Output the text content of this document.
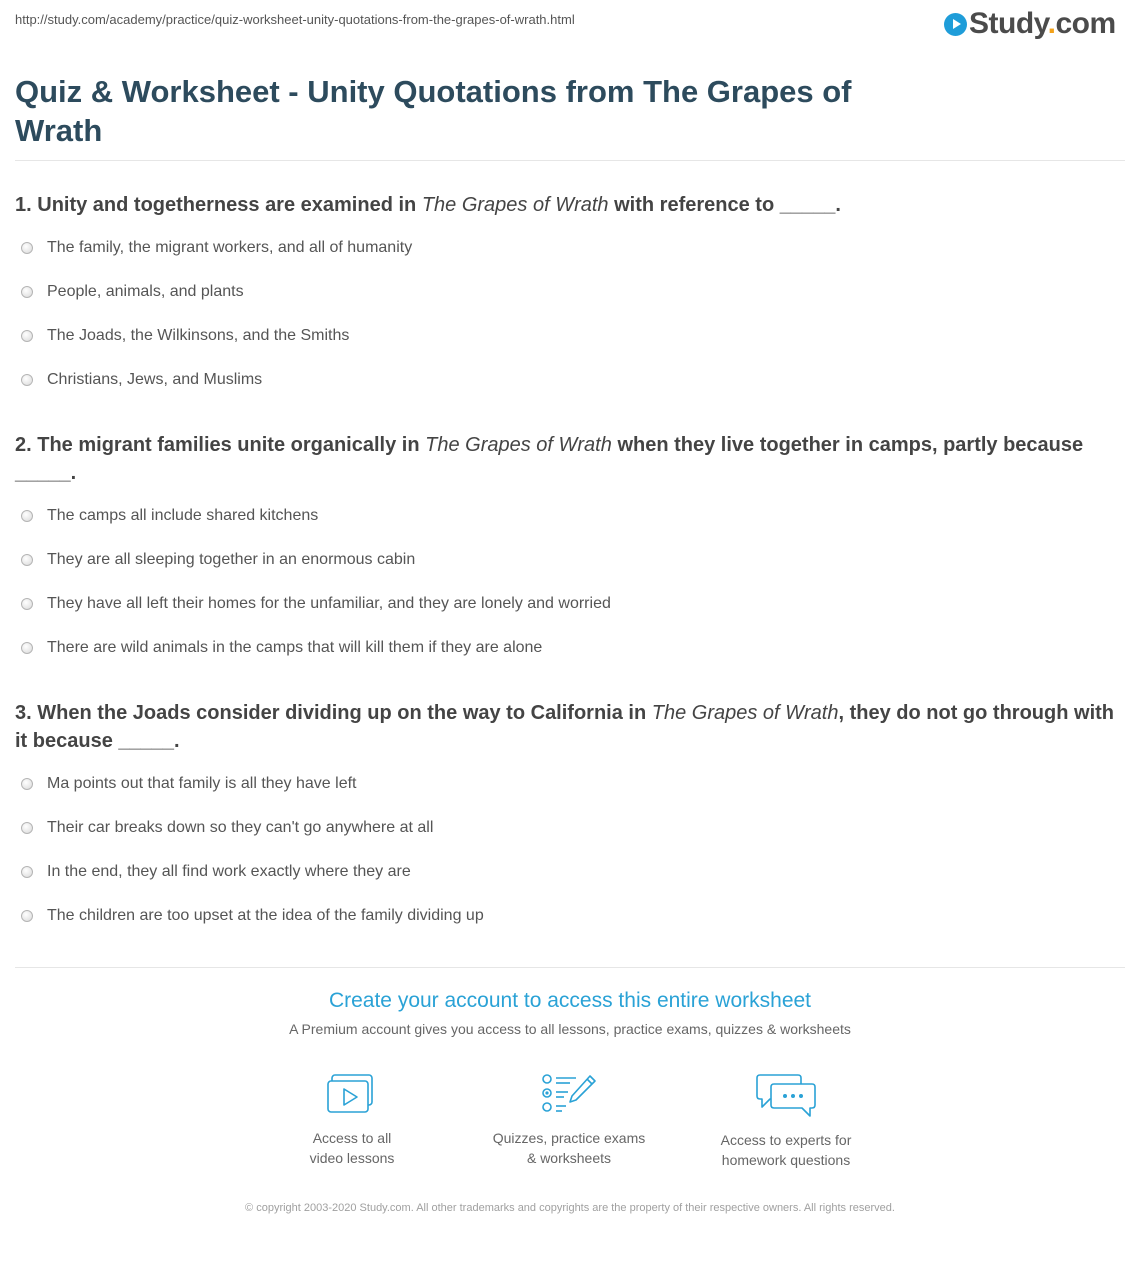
http://study.com/academy/practice/quiz-worksheet-unity-quotations-from-the-grapes-of-wrath.html	Study.com
Quiz & Worksheet - Unity Quotations from The Grapes of Wrath

1. Unity and togetherness are examined in The Grapes of Wrath with reference to _____.

The family, the migrant workers, and all of humanity
People, animals, and plants
The Joads, the Wilkinsons, and the Smiths
Christians, Jews, and Muslims

2. The migrant families unite organically in The Grapes of Wrath when they live together in camps, partly because _____.

The camps all include shared kitchens
They are all sleeping together in an enormous cabin
They have all left their homes for the unfamiliar, and they are lonely and worried
There are wild animals in the camps that will kill them if they are alone

3. When the Joads consider dividing up on the way to California in The Grapes of Wrath, they do not go through with it because _____.

Ma points out that family is all they have left
Their car breaks down so they can't go anywhere at all
In the end, they all find work exactly where they are
The children are too upset at the idea of the family dividing up
Create your account to access this entire worksheet
A Premium account gives you access to all lessons, practice exams, quizzes & worksheets
Access to all
video lessons
Quizzes, practice exams
& worksheets
Access to experts for
homework questions
© copyright 2003-2020 Study.com. All other trademarks and copyrights are the property of their respective owners. All rights reserved.
